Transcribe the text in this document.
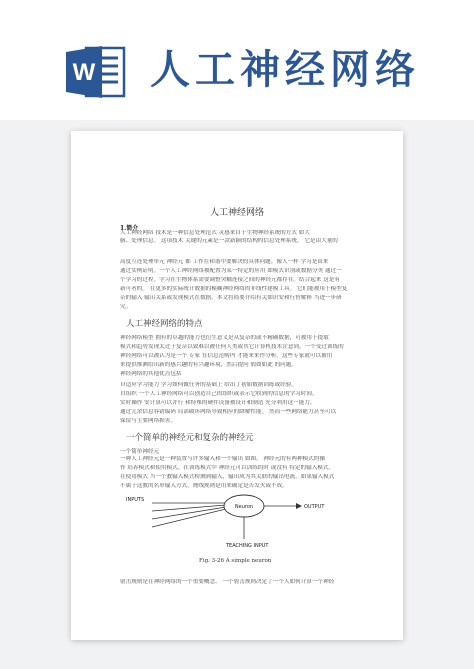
W 人工神经网络
人工神经网络
1.简介
人工神经网络 技术是一种信息处理范式 灵感来自于生物神经系统的方式 如大
脑、处理信息。 这项技术 关键的元素是一款新颖的结构的信息处理系统。 它是由大量的
高度互连处理单元 神经元 都 工作在和谐中要解决的具体问题。像人一样 学习是由来
通过实例证明。一个人工神经网络被配置为某一特定的应用 如模式识别或数据分类 通过一
个学习的过程。学习在生物体系需要调整突触连接之间的神经元都存在。结合起来 这是有
新可者的。 在更多的实际统计数据的模糊神经网络的非线性建模工具。 它们能被用于模型复
杂的输入 输出关系或发现模式在数据。本文将简要介绍有关如识安和行智解释 当进一步研
究。
人工神经网络的特点
神经网络模型 拥有的卓越的能力也衍生意义是从复杂的或不精确数据，可被用于提取
模式和趋势发现太过于复杂以致难以被任何人类或其它计算机技术注意到。一个受过训练的
神经网络可以被认为是一个 专家 在信息范畴内 才能来来作分析。这些专家就可以被用
来提供推测给出新的感兴趣的有兴趣环境，然后提问 假如如此 的问题。
神经网络的其他优点包括
自适应学习能力 学习如何做任务的基础上 给出了初始数据训练或经验。
自组织 一个人工神经网络可以创造自己的组织或表示它收到的信息的学习时间。
实时操作 安计算可以并行 和特殊的硬件设备被设计和制造 充分利用这一能力。
通过冗余信息容错编码 局部破坏网络导致相应的降解性能。 然而一些网络能力甚至可以
保留与主要网络损害。
一个简单的神经元和复杂的神经元
一个简单神经元
一种人工神经元是一种装置与许多输入和一个输出 如图。 神经元的有两种模式的操
作 培养模式和使用模式。在训练模式中 神经元可以训练的时 或没有 特定的输入模式。
在使用模式 当一个教输入模式检测到输入，输出成为其关联的输出电流。如果输入模式
不属于这教的名单输入方式，烧线规则是用来确定是否发火或不成。
INPUTS
Neuron	OUTPUT
TEACHING INPUT
Fig. 3-26 A simple neuron
射击规则是在神经网络的一个重要概念。 一个射击规则决定了一个人如何计算一个神经
